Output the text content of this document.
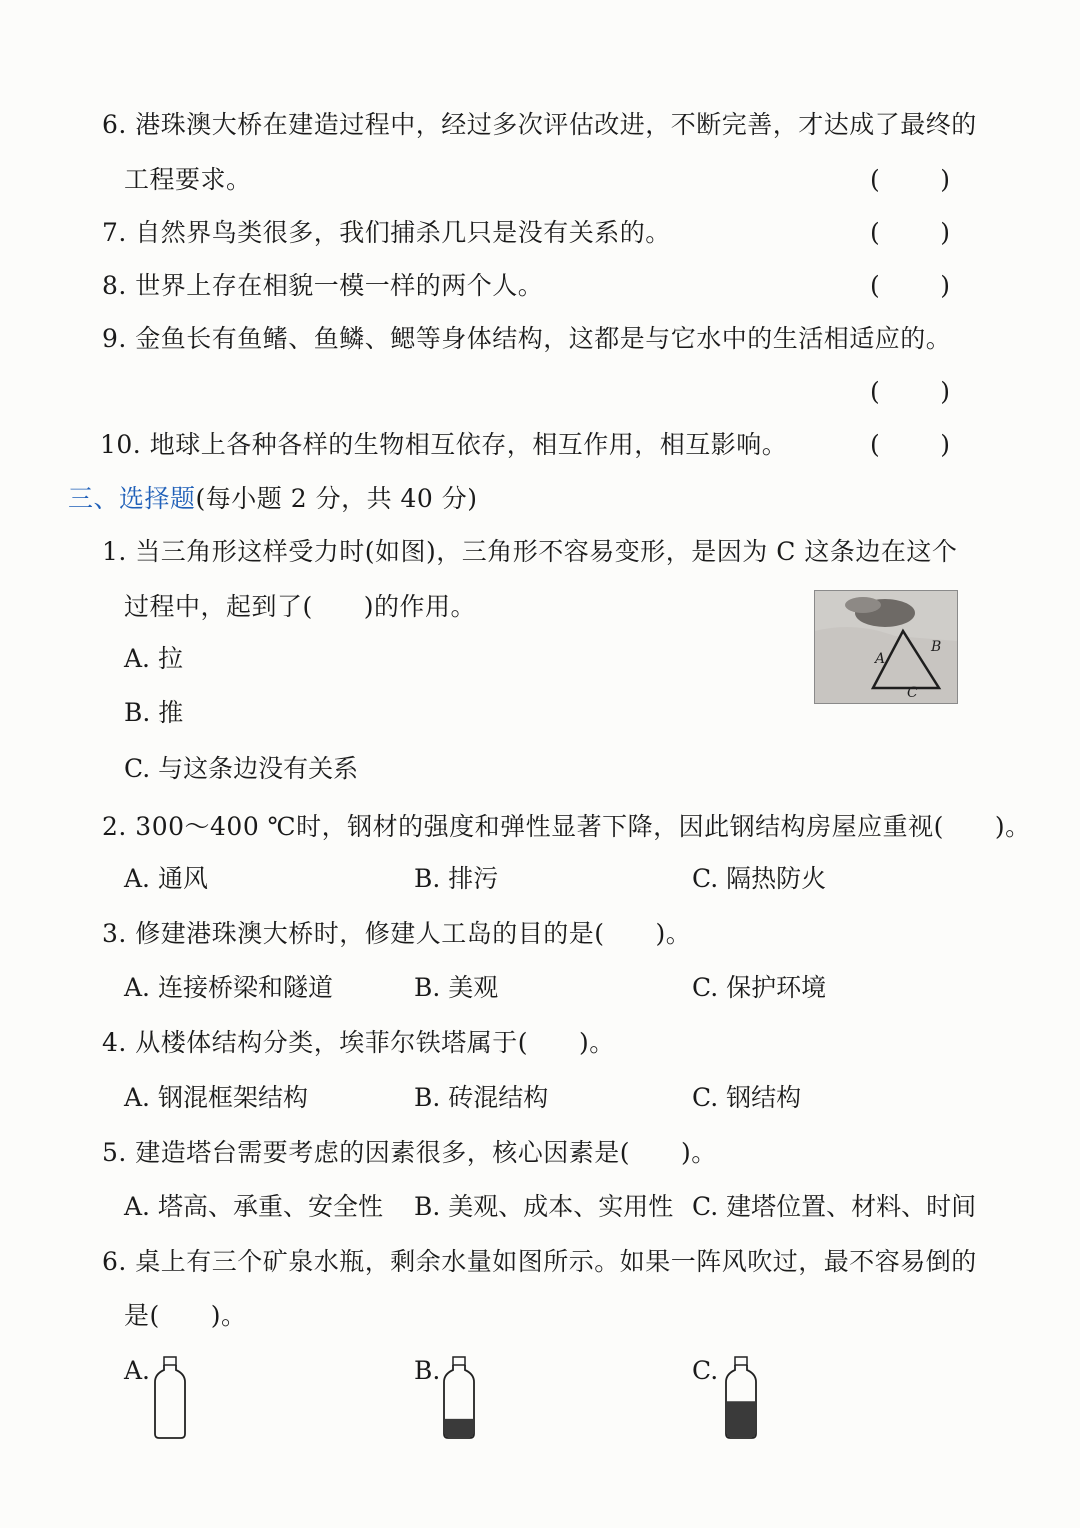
6. 港珠澳大桥在建造过程中，经过多次评估改进，不断完善，才达成了最终的
工程要求。	( )
7. 自然界鸟类很多，我们捕杀几只是没有关系的。	( )
8. 世界上存在相貌一模一样的两个人。	( )
9. 金鱼长有鱼鳍、鱼鳞、鳃等身体结构，这都是与它水中的生活相适应的。
( )
10. 地球上各种各样的生物相互依存，相互作用，相互影响。	( )
三、选择题(每小题 2 分，共 40 分)
1. 当三角形这样受力时(如图)，三角形不容易变形，是因为 C 这条边在这个
过程中，起到了(　　)的作用。
A. 拉
B. 推
C. 与这条边没有关系
A
B
C
2. 300～400 ℃时，钢材的强度和弹性显著下降，因此钢结构房屋应重视(　　)。
A. 通风	B. 排污	C. 隔热防火
3. 修建港珠澳大桥时，修建人工岛的目的是(　　)。
A. 连接桥梁和隧道	B. 美观	C. 保护环境
4. 从楼体结构分类，埃菲尔铁塔属于(　　)。
A. 钢混框架结构	B. 砖混结构	C. 钢结构
5. 建造塔台需要考虑的因素很多，核心因素是(　　)。
A. 塔高、承重、安全性 B. 美观、成本、实用性 C. 建塔位置、材料、时间
6. 桌上有三个矿泉水瓶，剩余水量如图所示。如果一阵风吹过，最不容易倒的
是(　　)。
A.	B.	C.
